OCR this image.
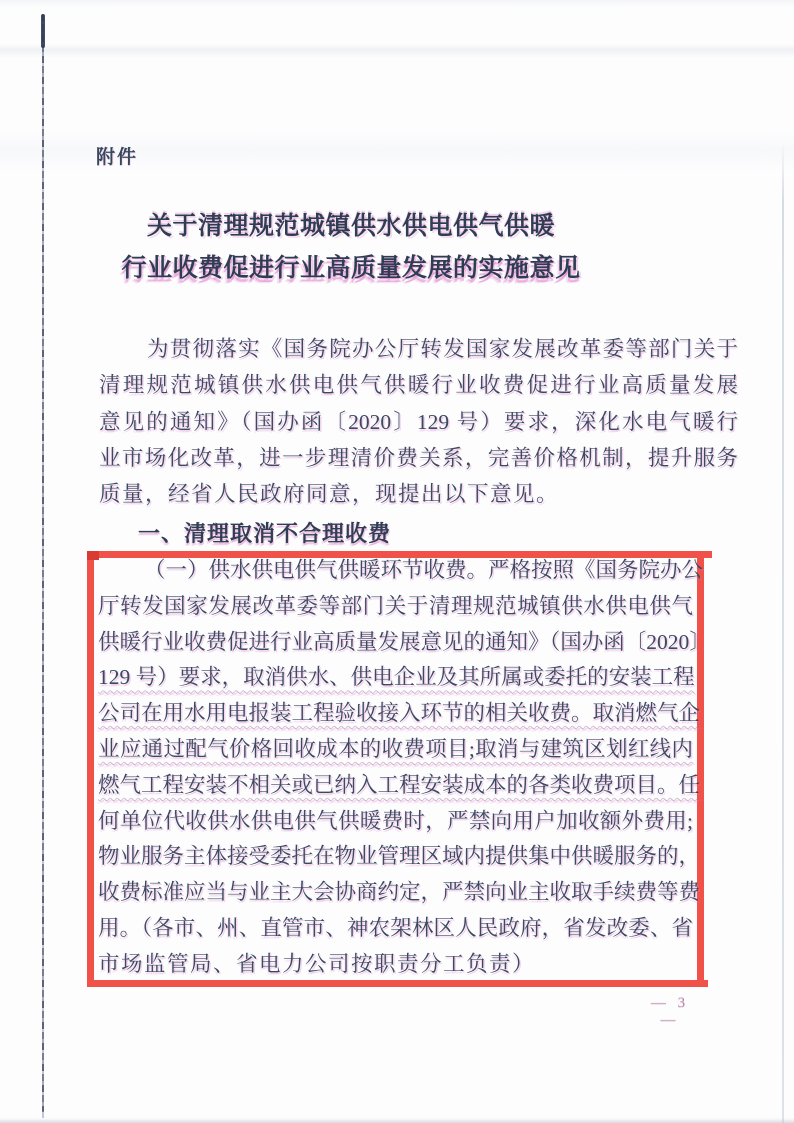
附件
关于清理规范城镇供水供电供气供暖
行业收费促进行业高质量发展的实施意见
为贯彻落实《国务院办公厅转发国家发展改革委等部门关于
清理规范城镇供水供电供气供暖行业收费促进行业高质量发展
意见的通知》（国办函〔2020〕129 号）要求，深化水电气暖行
业市场化改革，进一步理清价费关系，完善价格机制，提升服务
质量，经省人民政府同意，现提出以下意见。
一、清理取消不合理收费
（一）供水供电供气供暖环节收费。严格按照《国务院办公
厅转发国家发展改革委等部门关于清理规范城镇供水供电供气
供暖行业收费促进行业高质量发展意见的通知》（国办函〔2020〕
129 号）要求，取消供水、供电企业及其所属或委托的安装工程
公司在用水用电报装工程验收接入环节的相关收费。取消燃气企
业应通过配气价格回收成本的收费项目;取消与建筑区划红线内
燃气工程安装不相关或已纳入工程安装成本的各类收费项目。任
何单位代收供水供电供气供暖费时，严禁向用户加收额外费用;
物业服务主体接受委托在物业管理区域内提供集中供暖服务的，
收费标准应当与业主大会协商约定，严禁向业主收取手续费等费
用。（各市、州、直管市、神农架林区人民政府，省发改委、省
市场监管局、省电力公司按职责分工负责）
— 3 —
